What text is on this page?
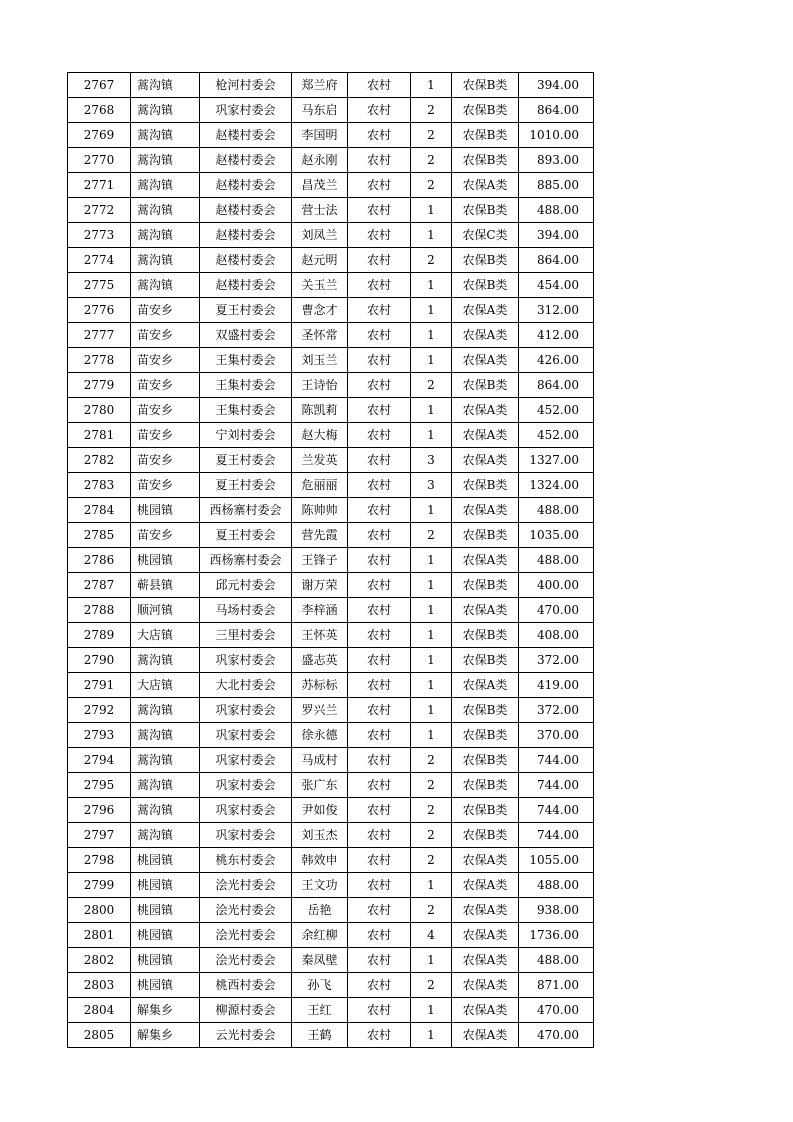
2767	蒿沟镇	枪河村委会	郑兰府	农村	1	农保B类	394.00
2768	蒿沟镇	巩家村委会	马东启	农村	2	农保B类	864.00
2769	蒿沟镇	赵楼村委会	李国明	农村	2	农保B类	1010.00
2770	蒿沟镇	赵楼村委会	赵永刚	农村	2	农保B类	893.00
2771	蒿沟镇	赵楼村委会	昌茂兰	农村	2	农保A类	885.00
2772	蒿沟镇	赵楼村委会	营士法	农村	1	农保B类	488.00
2773	蒿沟镇	赵楼村委会	刘凤兰	农村	1	农保C类	394.00
2774	蒿沟镇	赵楼村委会	赵元明	农村	2	农保B类	864.00
2775	蒿沟镇	赵楼村委会	关玉兰	农村	1	农保B类	454.00
2776	苗安乡	夏王村委会	曹念才	农村	1	农保A类	312.00
2777	苗安乡	双盛村委会	圣怀常	农村	1	农保A类	412.00
2778	苗安乡	王集村委会	刘玉兰	农村	1	农保A类	426.00
2779	苗安乡	王集村委会	王诗怡	农村	2	农保B类	864.00
2780	苗安乡	王集村委会	陈凯莉	农村	1	农保A类	452.00
2781	苗安乡	宁刘村委会	赵大梅	农村	1	农保A类	452.00
2782	苗安乡	夏王村委会	兰发英	农村	3	农保A类	1327.00
2783	苗安乡	夏王村委会	危丽丽	农村	3	农保B类	1324.00
2784	桃园镇	西杨寨村委会	陈帅帅	农村	1	农保A类	488.00
2785	苗安乡	夏王村委会	营先霞	农村	2	农保B类	1035.00
2786	桃园镇	西杨寨村委会	王锋子	农村	1	农保A类	488.00
2787	蕲县镇	邱元村委会	谢万荣	农村	1	农保B类	400.00
2788	顺河镇	马场村委会	李梓涵	农村	1	农保A类	470.00
2789	大店镇	三里村委会	王怀英	农村	1	农保B类	408.00
2790	蒿沟镇	巩家村委会	盛志英	农村	1	农保B类	372.00
2791	大店镇	大北村委会	苏标标	农村	1	农保A类	419.00
2792	蒿沟镇	巩家村委会	罗兴兰	农村	1	农保B类	372.00
2793	蒿沟镇	巩家村委会	徐永德	农村	1	农保B类	370.00
2794	蒿沟镇	巩家村委会	马成村	农村	2	农保B类	744.00
2795	蒿沟镇	巩家村委会	张广东	农村	2	农保B类	744.00
2796	蒿沟镇	巩家村委会	尹如俊	农村	2	农保B类	744.00
2797	蒿沟镇	巩家村委会	刘玉杰	农村	2	农保B类	744.00
2798	桃园镇	桃东村委会	韩效申	农村	2	农保A类	1055.00
2799	桃园镇	浍光村委会	王文功	农村	1	农保A类	488.00
2800	桃园镇	浍光村委会	岳艳	农村	2	农保A类	938.00
2801	桃园镇	浍光村委会	余红柳	农村	4	农保A类	1736.00
2802	桃园镇	浍光村委会	秦凤壁	农村	1	农保A类	488.00
2803	桃园镇	桃西村委会	孙飞	农村	2	农保A类	871.00
2804	解集乡	柳源村委会	王红	农村	1	农保A类	470.00
2805	解集乡	云光村委会	王鹤	农村	1	农保A类	470.00
